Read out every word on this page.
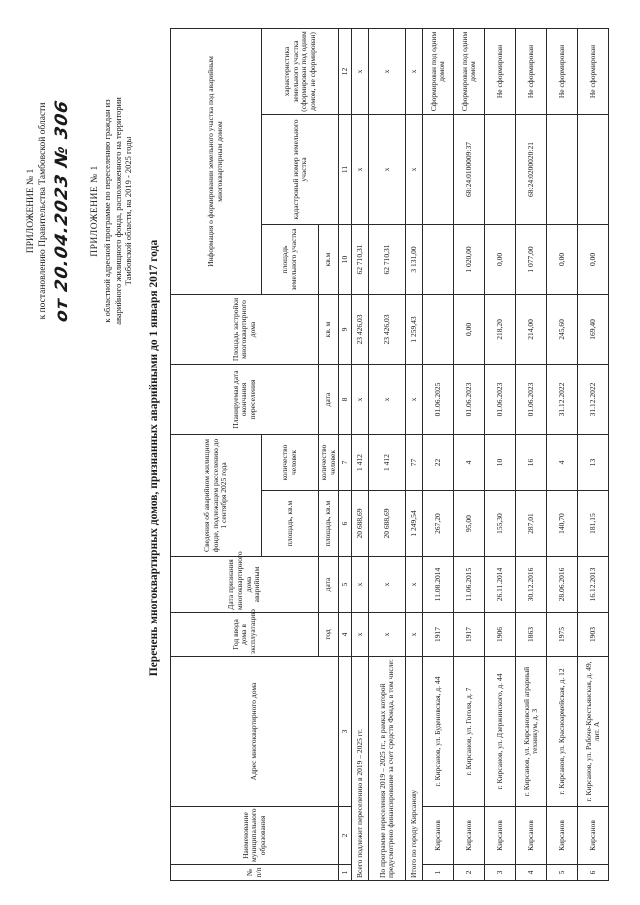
ПРИЛОЖЕНИЕ № 1 к постановлению Правительства Тамбовской области от 20.04.2023 № 306 ПРИЛОЖЕНИЕ № 1 к областной адресной программе по переселению граждан из аварийного жилищного фонда, расположенного на территории Тамбовской области, на 2019 - 2025 годы
Перечень многоквартирных домов, признанных аварийными до 1 января 2017 года
№ п/п	Наименование муниципального образования	Адрес многоквартирного дома	Год ввода дома в эксплуатацию	Дата признания многоквартирного дома аварийным	Сведения об аварийном жилищном фонде, подлежащем расселению до 1 сентября 2025 года		Планируемая дата окончания переселения	Площадь застройки многоквартирного дома	Информация о формировании земельного участка под аварийным многоквартирным домом		
					площадь, кв.м	количество человек			площадь земельного участка	кадастровый номер земельного участка	характеристика земельного участка (сформирован под одним домом, не сформирован)
			год	дата	площадь, кв.м	количество человек	дата	кв. м	кв.м		
1	2	3	4	5	6	7	8	9	10	11	12
Всего подлежит переселению в 2019 – 2025 гг.			х	х	20 688,69	1 412	х	23 426,03	62 710,31	х	х
По программе переселения 2019 – 2025 гг., в рамках которой предусмотрено финансирование за счет средств Фонда, в том числе:			х	х	20 688,69	1 412	х	23 426,03	62 710,31	х	х
Итого по городу Кирсанову			х	х	1 249,54	77	х	1 259,43	3 131,00	х	х
1	Кирсанов	г. Кирсанов, ул. Буденовская, д. 44	1917	11.08.2014	267,20	22	01.06.2025				Сформирован под одним домом
2	Кирсанов	г. Кирсанов, ул. Гоголя, д. 7	1917	11.06.2015	95,00	4	01.06.2023	0,00	1 020,00	68:24:0100009:37	Сформирован под одним домом
3	Кирсанов	г. Кирсанов, ул. Дзержинского, д. 44	1906	26.11.2014	155,30	10	01.06.2023	218,20	0,00		Не сформирован
4	Кирсанов	г. Кирсанов, ул. Кирсановский аграрный техникум, д. 3	1863	30.12.2016	287,01	16	01.06.2023	214,00	1 077,00	68:24:0200020:21	Не сформирован
5	Кирсанов	г. Кирсанов, ул. Красноармейская, д. 12	1975	28.06.2016	140,70	4	31.12.2022	245,60	0,00		Не сформирован
6	Кирсанов	г. Кирсанов, ул. Рабоче-Крестьянская, д. 49, лит. А	1903	16.12.2013	181,15	13	31.12.2022	169,40	0,00		Не сформирован
